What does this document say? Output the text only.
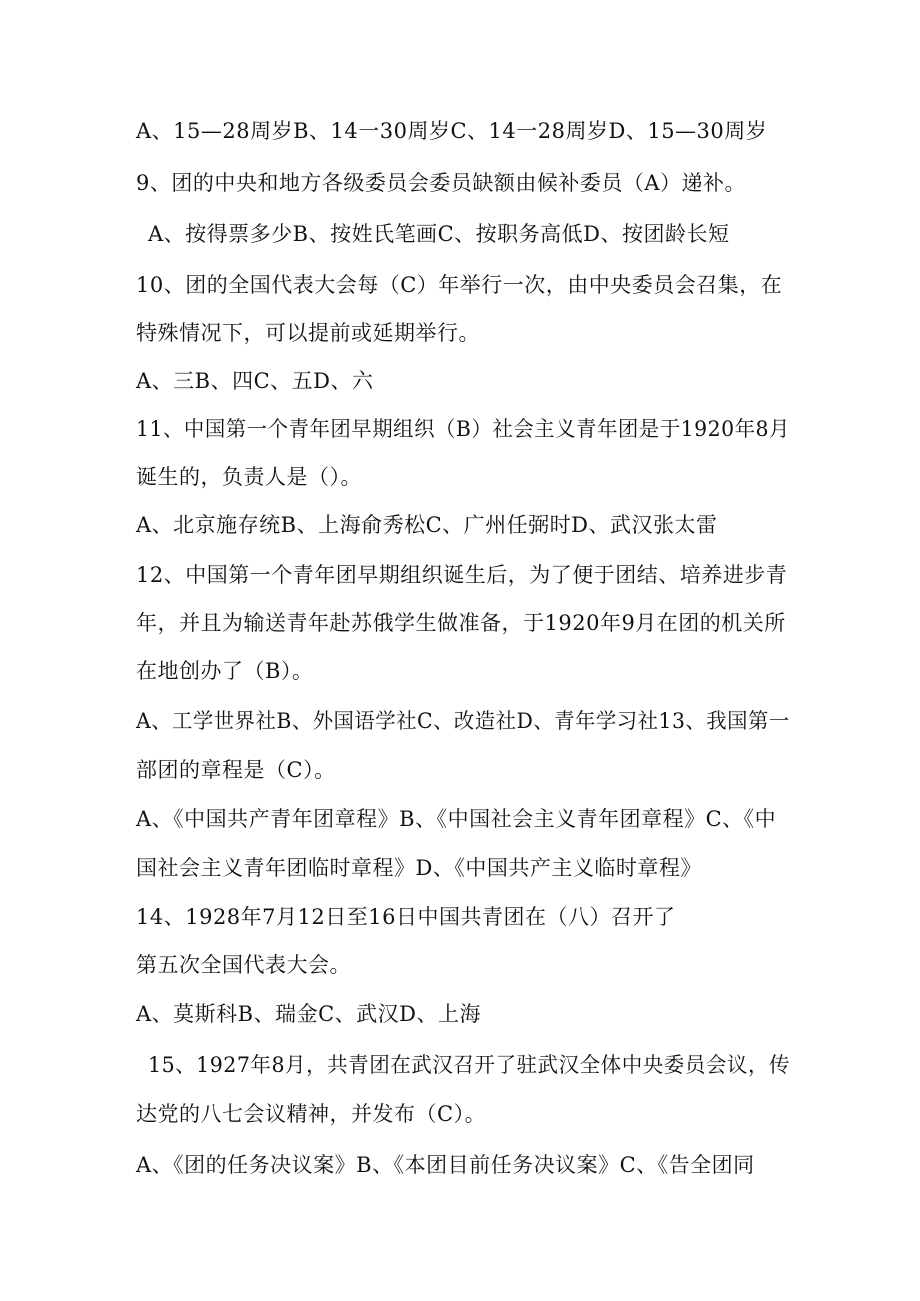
A、15—28周岁B、14一30周岁C、14一28周岁D、15—30周岁
9、团的中央和地方各级委员会委员缺额由候补委员（A）递补。
A、按得票多少B、按姓氏笔画C、按职务高低D、按团龄长短
10、团的全国代表大会每（C）年举行一次，由中央委员会召集，在
特殊情况下，可以提前或延期举行。
A、三B、四C、五D、六
11、中国第一个青年团早期组织（B）社会主义青年团是于1920年8月
诞生的，负责人是（）。
A、北京施存统B、上海俞秀松C、广州任弼时D、武汉张太雷
12、中国第一个青年团早期组织诞生后，为了便于团结、培养进步青
年，并且为输送青年赴苏俄学生做准备，于1920年9月在团的机关所
在地创办了（B）。
A、工学世界社B、外国语学社C、改造社D、青年学习社13、我国第一
部团的章程是（C）。
A、《中国共产青年团章程》B、《中国社会主义青年团章程》C、《中
国社会主义青年团临时章程》D、《中国共产主义临时章程》
14、1928年7月12日至16日中国共青团在（八）召开了
第五次全国代表大会。
A、莫斯科B、瑞金C、武汉D、上海
15、1927年8月，共青团在武汉召开了驻武汉全体中央委员会议，传
达党的八七会议精神，并发布（C）。
A、《团的任务决议案》B、《本团目前任务决议案》C、《告全团同
